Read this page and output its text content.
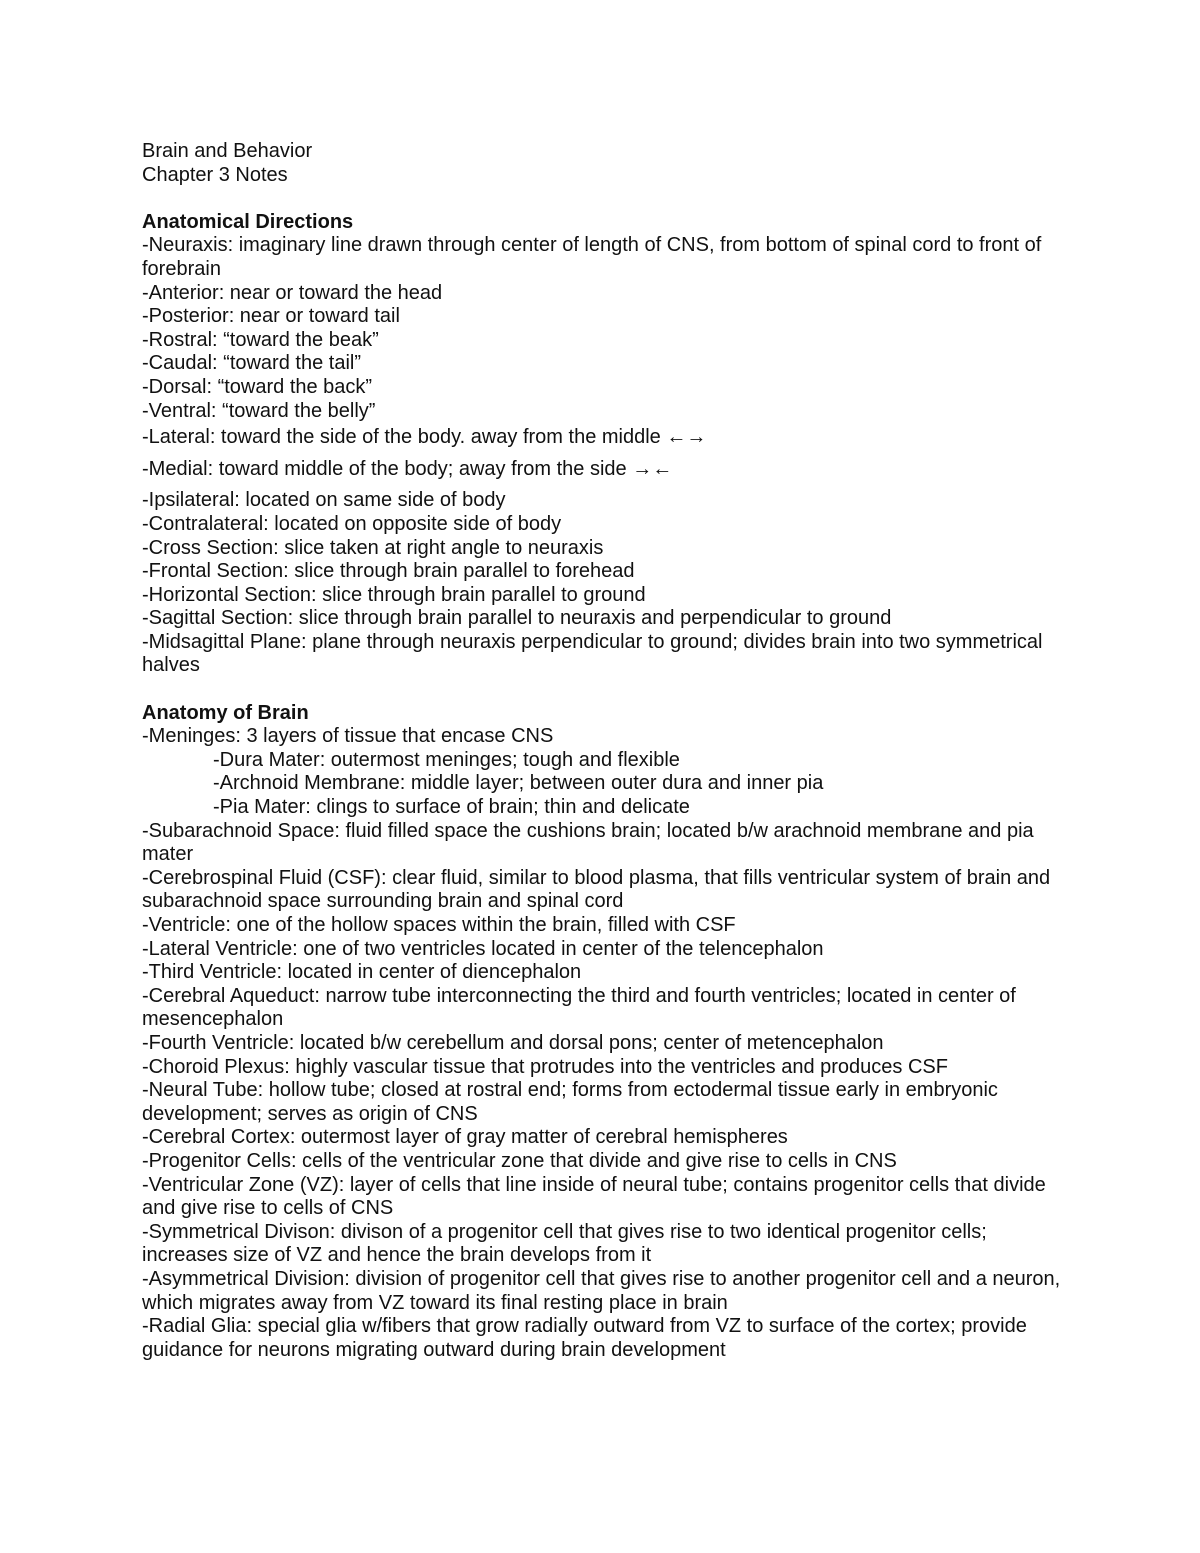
Brain and Behavior

Chapter 3 Notes

Anatomical Directions

-Neuraxis: imaginary line drawn through center of length of CNS, from bottom of spinal cord to front of forebrain

-Anterior: near or toward the head

-Posterior: near or toward tail

-Rostral: “toward the beak”

-Caudal: “toward the tail”

-Dorsal: “toward the back”

-Ventral: “toward the belly”

-Lateral: toward the side of the body. away from the middle ←→

-Medial: toward middle of the body; away from the side →←

-Ipsilateral: located on same side of body

-Contralateral: located on opposite side of body

-Cross Section: slice taken at right angle to neuraxis

-Frontal Section: slice through brain parallel to forehead

-Horizontal Section: slice through brain parallel to ground

-Sagittal Section: slice through brain parallel to neuraxis and perpendicular to ground

-Midsagittal Plane: plane through neuraxis perpendicular to ground; divides brain into two symmetrical halves

Anatomy of Brain

-Meninges: 3 layers of tissue that encase CNS

-Dura Mater: outermost meninges; tough and flexible

-Archnoid Membrane: middle layer; between outer dura and inner pia

-Pia Mater: clings to surface of brain; thin and delicate

-Subarachnoid Space: fluid filled space the cushions brain; located b/w arachnoid membrane and pia mater

-Cerebrospinal Fluid (CSF): clear fluid, similar to blood plasma, that fills ventricular system of brain and subarachnoid space surrounding brain and spinal cord

-Ventricle: one of the hollow spaces within the brain, filled with CSF

-Lateral Ventricle: one of two ventricles located in center of the telencephalon

-Third Ventricle: located in center of diencephalon

-Cerebral Aqueduct: narrow tube interconnecting the third and fourth ventricles; located in center of mesencephalon

-Fourth Ventricle: located b/w cerebellum and dorsal pons; center of metencephalon

-Choroid Plexus: highly vascular tissue that protrudes into the ventricles and produces CSF

-Neural Tube: hollow tube; closed at rostral end; forms from ectodermal tissue early in embryonic development; serves as origin of CNS

-Cerebral Cortex: outermost layer of gray matter of cerebral hemispheres

-Progenitor Cells: cells of the ventricular zone that divide and give rise to cells in CNS

-Ventricular Zone (VZ): layer of cells that line inside of neural tube; contains progenitor cells that divide and give rise to cells of CNS

-Symmetrical Divison: divison of a progenitor cell that gives rise to two identical progenitor cells; increases size of VZ and hence the brain develops from it

-Asymmetrical Division: division of progenitor cell that gives rise to another progenitor cell and a neuron, which migrates away from VZ toward its final resting place in brain

-Radial Glia: special glia w/fibers that grow radially outward from VZ to surface of the cortex; provide guidance for neurons migrating outward during brain development
